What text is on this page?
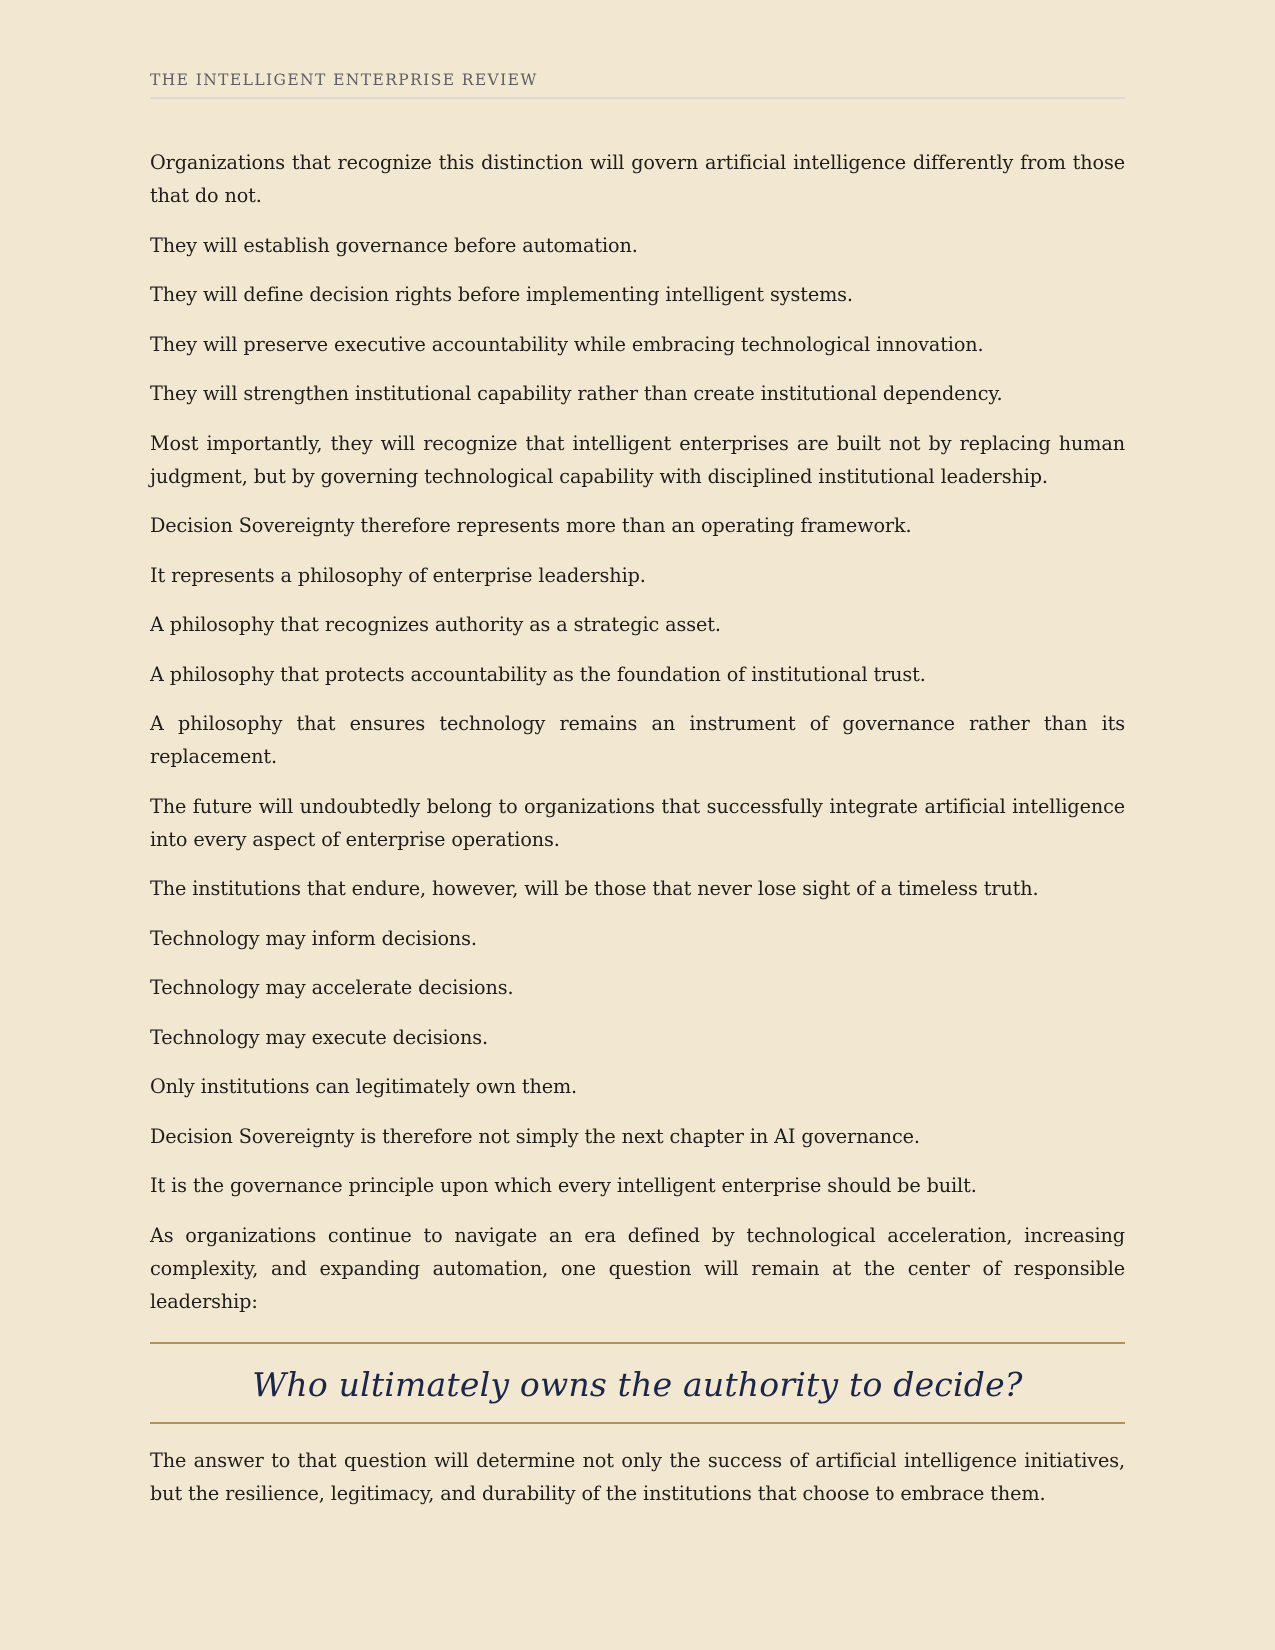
THE INTELLIGENT ENTERPRISE REVIEW

Organizations that recognize this distinction will govern artificial intelligence differently from those that do not.

They will establish governance before automation.

They will define decision rights before implementing intelligent systems.

They will preserve executive accountability while embracing technological innovation.

They will strengthen institutional capability rather than create institutional dependency.

Most importantly, they will recognize that intelligent enterprises are built not by replacing human judgment, but by governing technological capability with disciplined institutional leadership.

Decision Sovereignty therefore represents more than an operating framework.

It represents a philosophy of enterprise leadership.

A philosophy that recognizes authority as a strategic asset.

A philosophy that protects accountability as the foundation of institutional trust.

A philosophy that ensures technology remains an instrument of governance rather than its replacement.

The future will undoubtedly belong to organizations that successfully integrate artificial intelligence into every aspect of enterprise operations.

The institutions that endure, however, will be those that never lose sight of a timeless truth.

Technology may inform decisions.

Technology may accelerate decisions.

Technology may execute decisions.

Only institutions can legitimately own them.

Decision Sovereignty is therefore not simply the next chapter in AI governance.

It is the governance principle upon which every intelligent enterprise should be built.

As organizations continue to navigate an era defined by technological acceleration, increasing complexity, and expanding automation, one question will remain at the center of responsible leadership:

Who ultimately owns the authority to decide?

The answer to that question will determine not only the success of artificial intelligence initiatives, but the resilience, legitimacy, and durability of the institutions that choose to embrace them.
